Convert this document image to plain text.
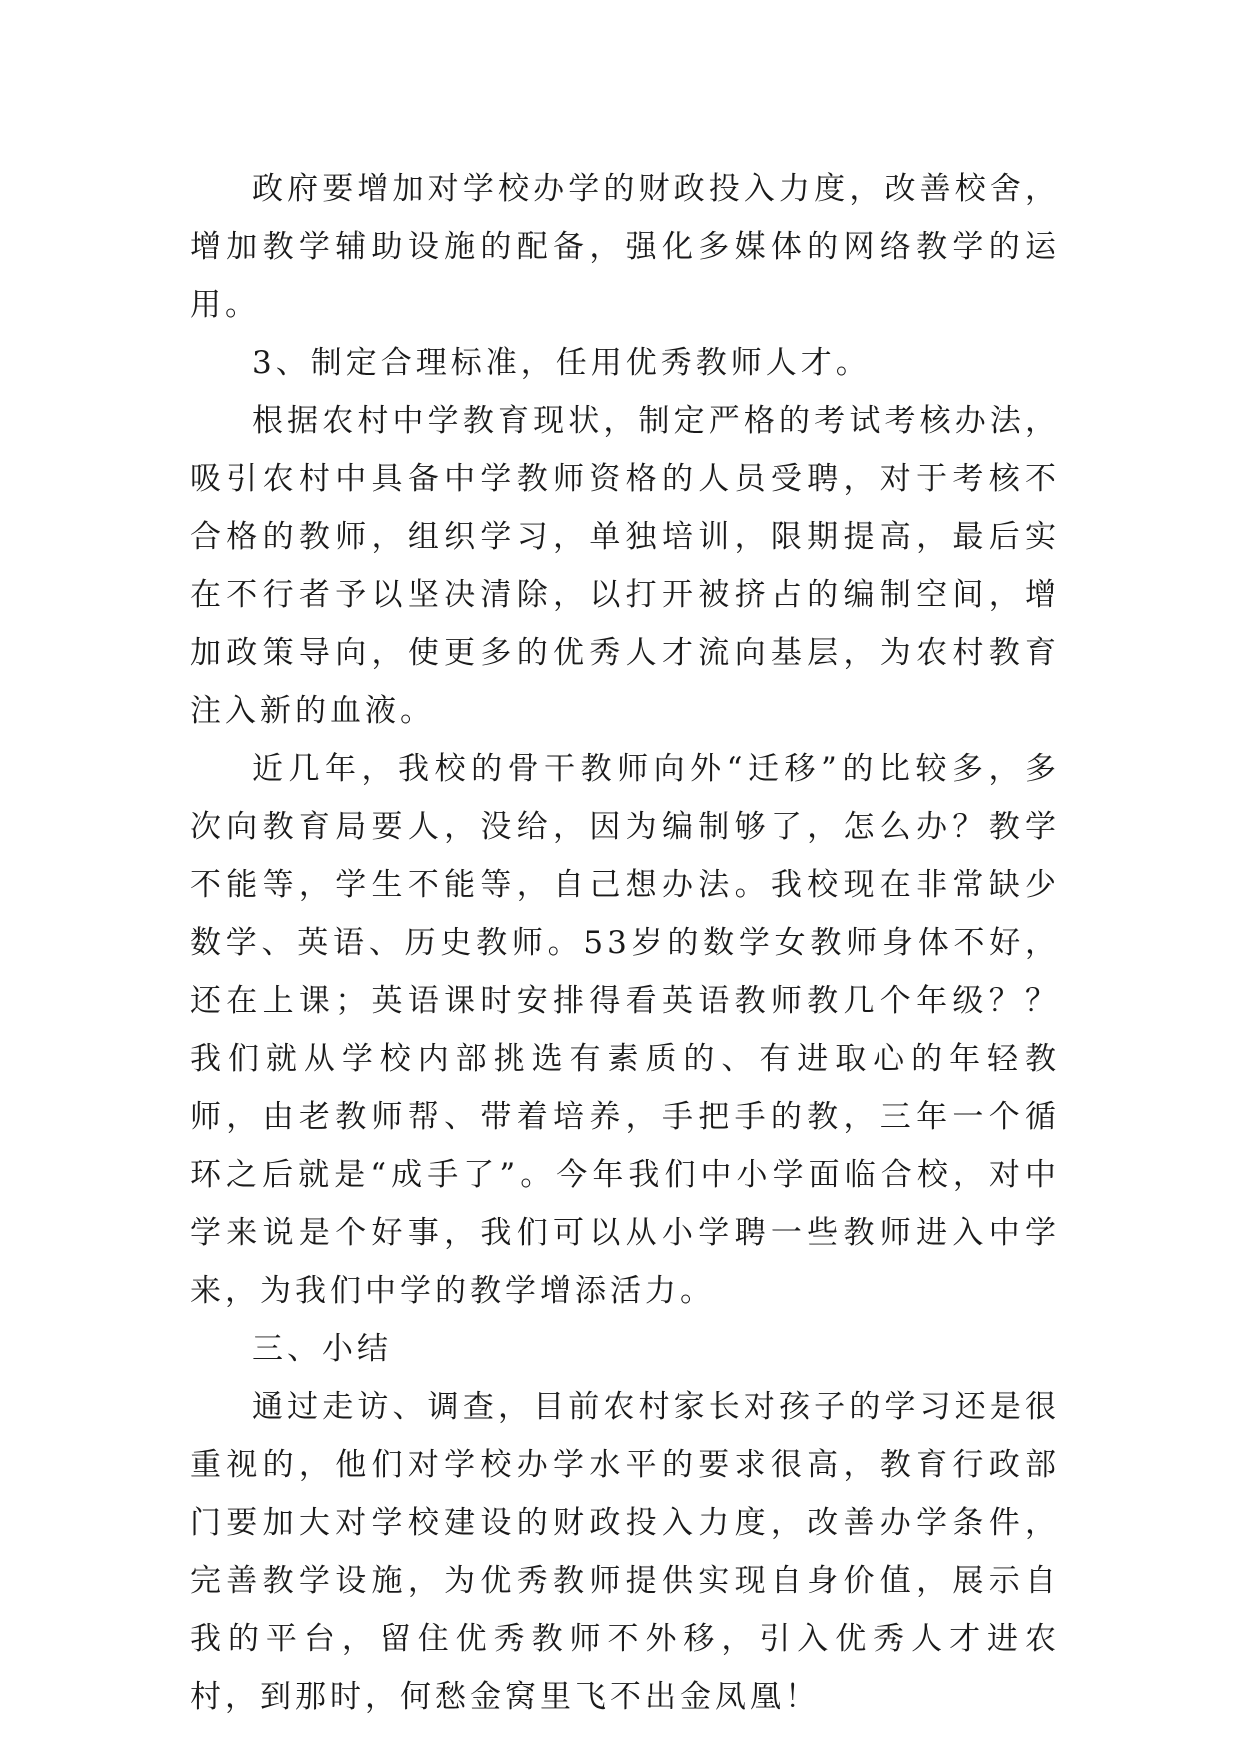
政府要增加对学校办学的财政投入力度，改善校舍，增加教学辅助设施的配备，强化多媒体的网络教学的运用。

3、制定合理标准，任用优秀教师人才。

根据农村中学教育现状，制定严格的考试考核办法，吸引农村中具备中学教师资格的人员受聘，对于考核不合格的教师，组织学习，单独培训，限期提高，最后实在不行者予以坚决清除，以打开被挤占的编制空间，增加政策导向，使更多的优秀人才流向基层，为农村教育注入新的血液。

近几年，我校的骨干教师向外“迁移”的比较多，多次向教育局要人，没给，因为编制够了，怎么办？教学不能等，学生不能等，自己想办法。我校现在非常缺少数学、英语、历史教师。53岁的数学女教师身体不好，还在上课；英语课时安排得看英语教师教几个年级？？我们就从学校内部挑选有素质的、有进取心的年轻教师，由老教师帮、带着培养，手把手的教，三年一个循环之后就是“成手了”。今年我们中小学面临合校，对中学来说是个好事，我们可以从小学聘一些教师进入中学来，为我们中学的教学增添活力。

三、小结

通过走访、调查，目前农村家长对孩子的学习还是很重视的，他们对学校办学水平的要求很高，教育行政部门要加大对学校建设的财政投入力度，改善办学条件，完善教学设施，为优秀教师提供实现自身价值，展示自我的平台，留住优秀教师不外移，引入优秀人才进农村，到那时，何愁金窝里飞不出金凤凰！
